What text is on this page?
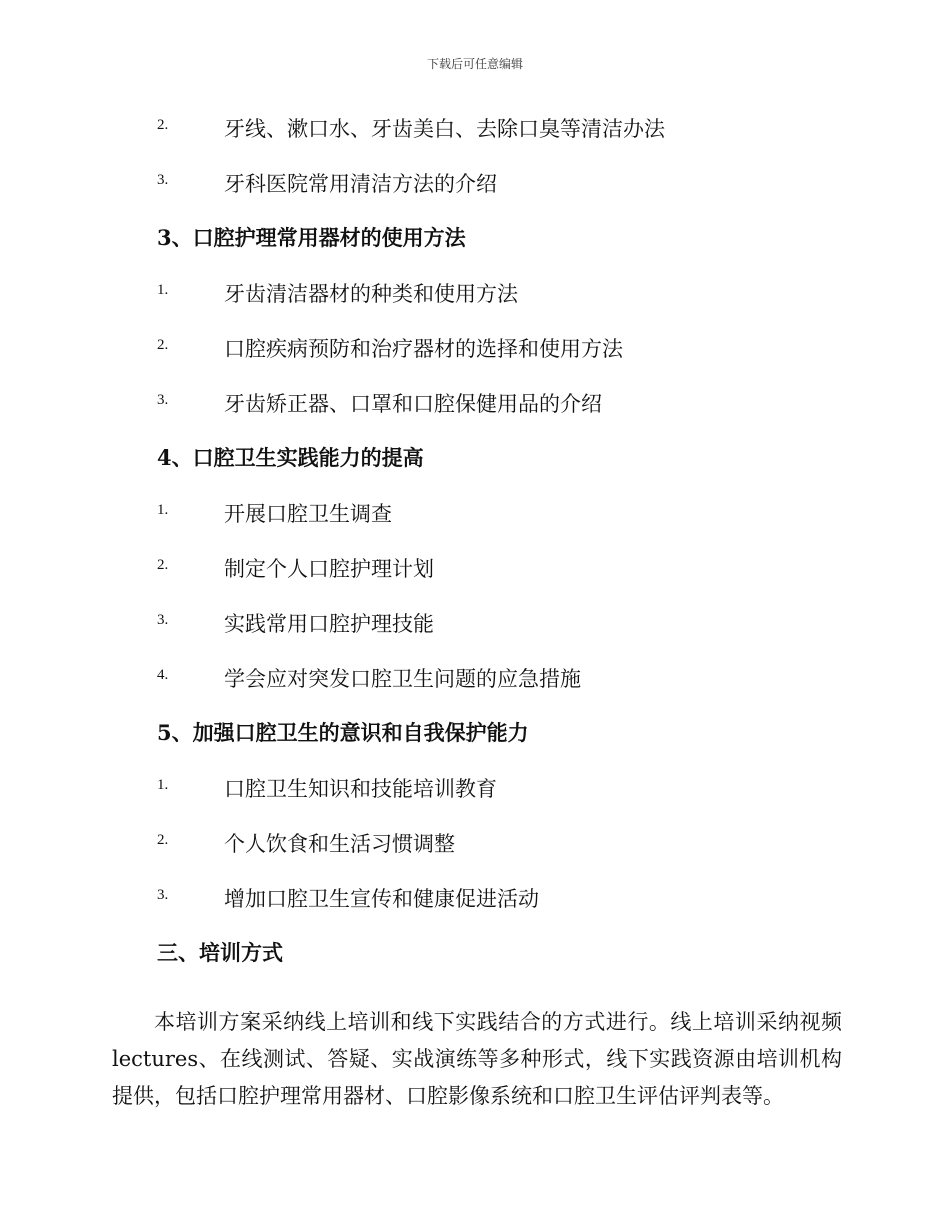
下载后可任意编辑
2.	牙线、漱口水、牙齿美白、去除口臭等清洁办法
3.	牙科医院常用清洁方法的介绍
3、口腔护理常用器材的使用方法
1.	牙齿清洁器材的种类和使用方法
2.	口腔疾病预防和治疗器材的选择和使用方法
3.	牙齿矫正器、口罩和口腔保健用品的介绍
4、口腔卫生实践能力的提高
1.	开展口腔卫生调查
2.	制定个人口腔护理计划
3.	实践常用口腔护理技能
4.	学会应对突发口腔卫生问题的应急措施
5、加强口腔卫生的意识和自我保护能力
1.	口腔卫生知识和技能培训教育
2.	个人饮食和生活习惯调整
3.	增加口腔卫生宣传和健康促进活动
三、培训方式

本培训方案采纳线上培训和线下实践结合的方式进行。线上培训采纳视频lectures、在线测试、答疑、实战演练等多种形式，线下实践资源由培训机构提供，包括口腔护理常用器材、口腔影像系统和口腔卫生评估评判表等。
